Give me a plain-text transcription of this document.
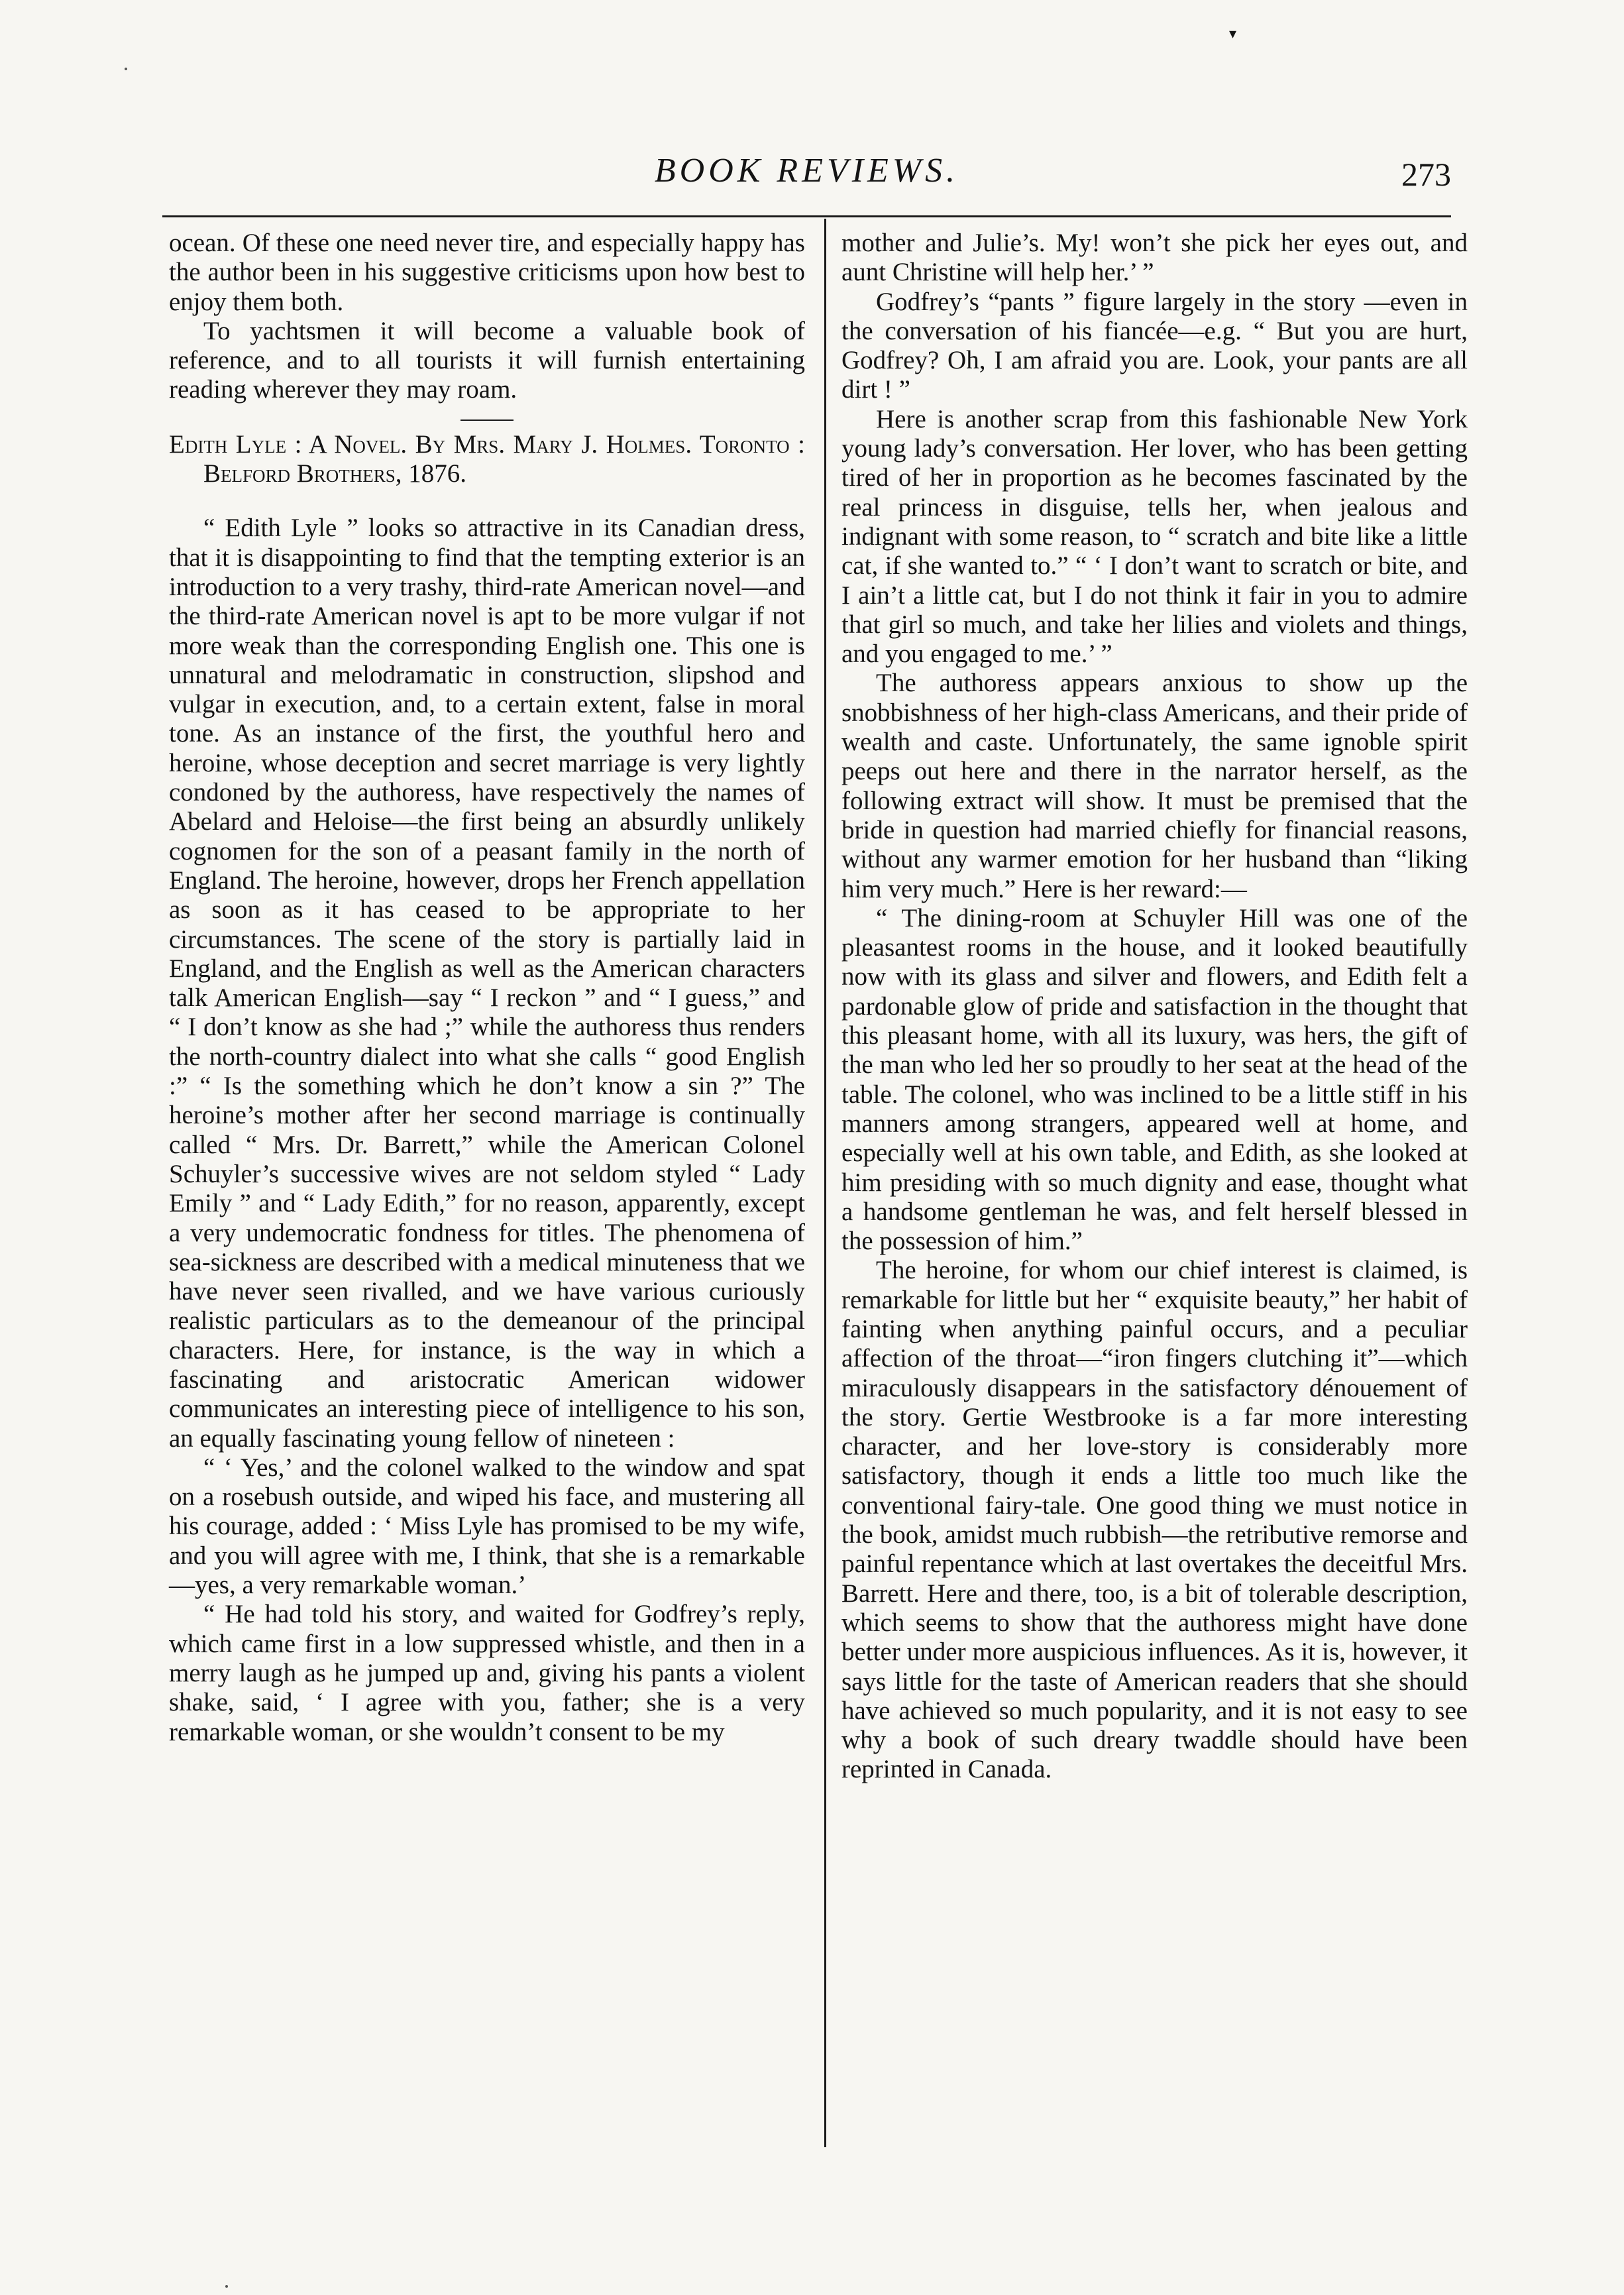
▾
BOOK REVIEWS.	273

ocean. Of these one need never tire, and especially happy has the author been in his suggestive criticisms upon how best to enjoy them both.

To yachtsmen it will become a valuable book of reference, and to all tourists it will furnish entertaining reading wherever they may roam.

Edith Lyle : A Novel. By Mrs. Mary J. Holmes. Toronto : Belford Brothers, 1876.

“ Edith Lyle ” looks so attractive in its Canadian dress, that it is disappointing to find that the tempting exterior is an introduction to a very trashy, third-rate American novel—and the third-rate American novel is apt to be more vulgar if not more weak than the corresponding English one. This one is unnatural and melodramatic in construction, slipshod and vulgar in execution, and, to a certain extent, false in moral tone. As an instance of the first, the youthful hero and heroine, whose deception and secret marriage is very lightly condoned by the authoress, have respectively the names of Abelard and Heloise—the first being an absurdly unlikely cognomen for the son of a peasant family in the north of England. The heroine, however, drops her French appellation as soon as it has ceased to be appropriate to her circumstances. The scene of the story is partially laid in England, and the English as well as the American characters talk American English—say “ I reckon ” and “ I guess,” and “ I don’t know as she had ;” while the authoress thus renders the north-country dialect into what she calls “ good English :” “ Is the something which he don’t know a sin ?” The heroine’s mother after her second marriage is continually called “ Mrs. Dr. Barrett,” while the American Colonel Schuyler’s successive wives are not seldom styled “ Lady Emily ” and “ Lady Edith,” for no reason, apparently, except a very undemocratic fondness for titles. The phenomena of sea-sickness are described with a medical minuteness that we have never seen rivalled, and we have various curiously realistic particulars as to the demeanour of the principal characters. Here, for instance, is the way in which a fascinating and aristocratic American widower communicates an interesting piece of intelligence to his son, an equally fascinating young fellow of nineteen :

“ ‘ Yes,’ and the colonel walked to the window and spat on a rosebush outside, and wiped his face, and mustering all his courage, added : ‘ Miss Lyle has promised to be my wife, and you will agree with me, I think, that she is a remarkable—yes, a very remarkable woman.’

“ He had told his story, and waited for Godfrey’s reply, which came first in a low suppressed whistle, and then in a merry laugh as he jumped up and, giving his pants a violent shake, said, ‘ I agree with you, father; she is a very remarkable woman, or she wouldn’t consent to be my

mother and Julie’s. My! won’t she pick her eyes out, and aunt Christine will help her.’ ”

Godfrey’s “pants ” figure largely in the story —even in the conversation of his fiancée—e.g. “ But you are hurt, Godfrey? Oh, I am afraid you are. Look, your pants are all dirt ! ”

Here is another scrap from this fashionable New York young lady’s conversation. Her lover, who has been getting tired of her in proportion as he becomes fascinated by the real princess in disguise, tells her, when jealous and indignant with some reason, to “ scratch and bite like a little cat, if she wanted to.” “ ‘ I don’t want to scratch or bite, and I ain’t a little cat, but I do not think it fair in you to admire that girl so much, and take her lilies and violets and things, and you engaged to me.’ ”

The authoress appears anxious to show up the snobbishness of her high-class Americans, and their pride of wealth and caste. Unfortunately, the same ignoble spirit peeps out here and there in the narrator herself, as the following extract will show. It must be premised that the bride in question had married chiefly for financial reasons, without any warmer emotion for her husband than “liking him very much.” Here is her reward:—

“ The dining-room at Schuyler Hill was one of the pleasantest rooms in the house, and it looked beautifully now with its glass and silver and flowers, and Edith felt a pardonable glow of pride and satisfaction in the thought that this pleasant home, with all its luxury, was hers, the gift of the man who led her so proudly to her seat at the head of the table. The colonel, who was inclined to be a little stiff in his manners among strangers, appeared well at home, and especially well at his own table, and Edith, as she looked at him presiding with so much dignity and ease, thought what a handsome gentleman he was, and felt herself blessed in the possession of him.”

The heroine, for whom our chief interest is claimed, is remarkable for little but her “ exquisite beauty,” her habit of fainting when anything painful occurs, and a peculiar affection of the throat—“iron fingers clutching it”—which miraculously disappears in the satisfactory dénouement of the story. Gertie Westbrooke is a far more interesting character, and her love-story is considerably more satisfactory, though it ends a little too much like the conventional fairy-tale. One good thing we must notice in the book, amidst much rubbish—the retributive remorse and painful repentance which at last overtakes the deceitful Mrs. Barrett. Here and there, too, is a bit of tolerable description, which seems to show that the authoress might have done better under more auspicious influences. As it is, however, it says little for the taste of American readers that she should have achieved so much popularity, and it is not easy to see why a book of such dreary twaddle should have been reprinted in Canada.
